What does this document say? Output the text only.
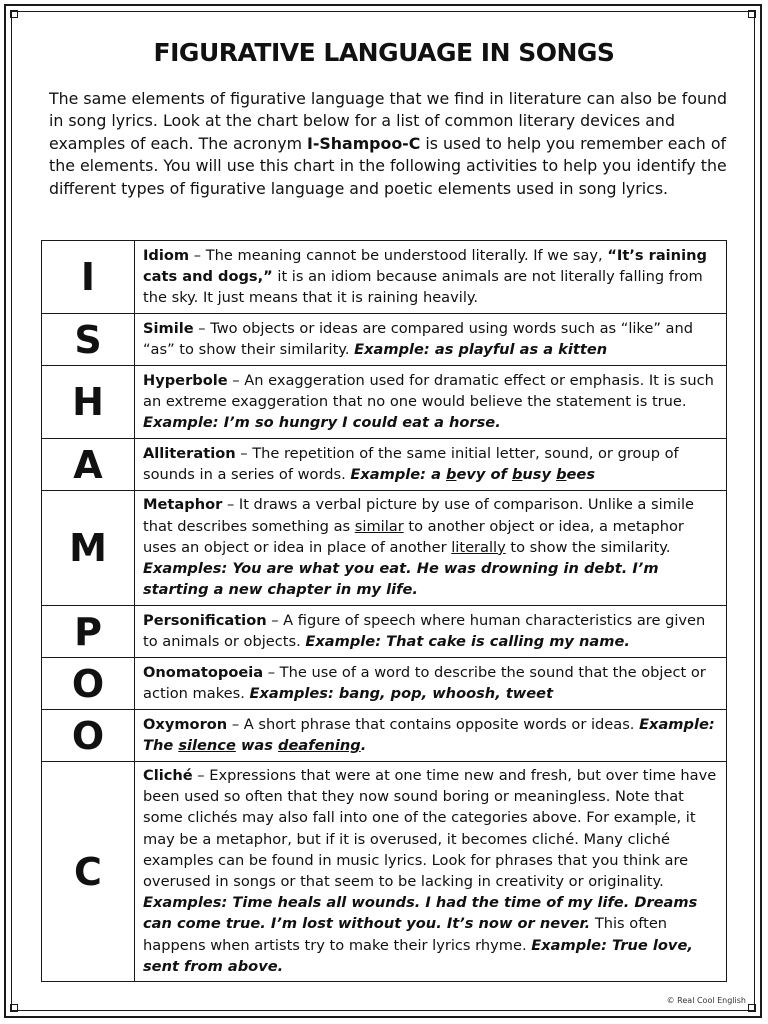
FIGURATIVE LANGUAGE IN SONGS
The same elements of figurative language that we find in literature can also be found in song lyrics. Look at the chart below for a list of common literary devices and examples of each. The acronym I-Shampoo-C is used to help you remember each of the elements. You will use this chart in the following activities to help you identify the different types of figurative language and poetic elements used in song lyrics.
I	Idiom – The meaning cannot be understood literally. If we say, “It’s raining cats and dogs,” it is an idiom because animals are not literally falling from the sky. It just means that it is raining heavily.
S	Simile – Two objects or ideas are compared using words such as “like” and “as” to show their similarity. Example: as playful as a kitten
H	Hyperbole – An exaggeration used for dramatic effect or emphasis. It is such an extreme exaggeration that no one would believe the statement is true. Example: I’m so hungry I could eat a horse.
A	Alliteration – The repetition of the same initial letter, sound, or group of sounds in a series of words. Example: a bevy of busy bees
M	Metaphor – It draws a verbal picture by use of comparison. Unlike a simile that describes something as similar to another object or idea, a metaphor uses an object or idea in place of another literally to show the similarity. Examples: You are what you eat. He was drowning in debt. I’m starting a new chapter in my life.
P	Personification – A figure of speech where human characteristics are given to animals or objects. Example: That cake is calling my name.
O	Onomatopoeia – The use of a word to describe the sound that the object or action makes. Examples: bang, pop, whoosh, tweet
O	Oxymoron – A short phrase that contains opposite words or ideas. Example: The silence was deafening.
C	Cliché – Expressions that were at one time new and fresh, but over time have been used so often that they now sound boring or meaningless. Note that some clichés may also fall into one of the categories above. For example, it may be a metaphor, but if it is overused, it becomes cliché. Many cliché examples can be found in music lyrics. Look for phrases that you think are overused in songs or that seem to be lacking in creativity or originality. Examples: Time heals all wounds. I had the time of my life. Dreams can come true. I’m lost without you. It’s now or never. This often happens when artists try to make their lyrics rhyme. Example: True love, sent from above.
© Real Cool English
